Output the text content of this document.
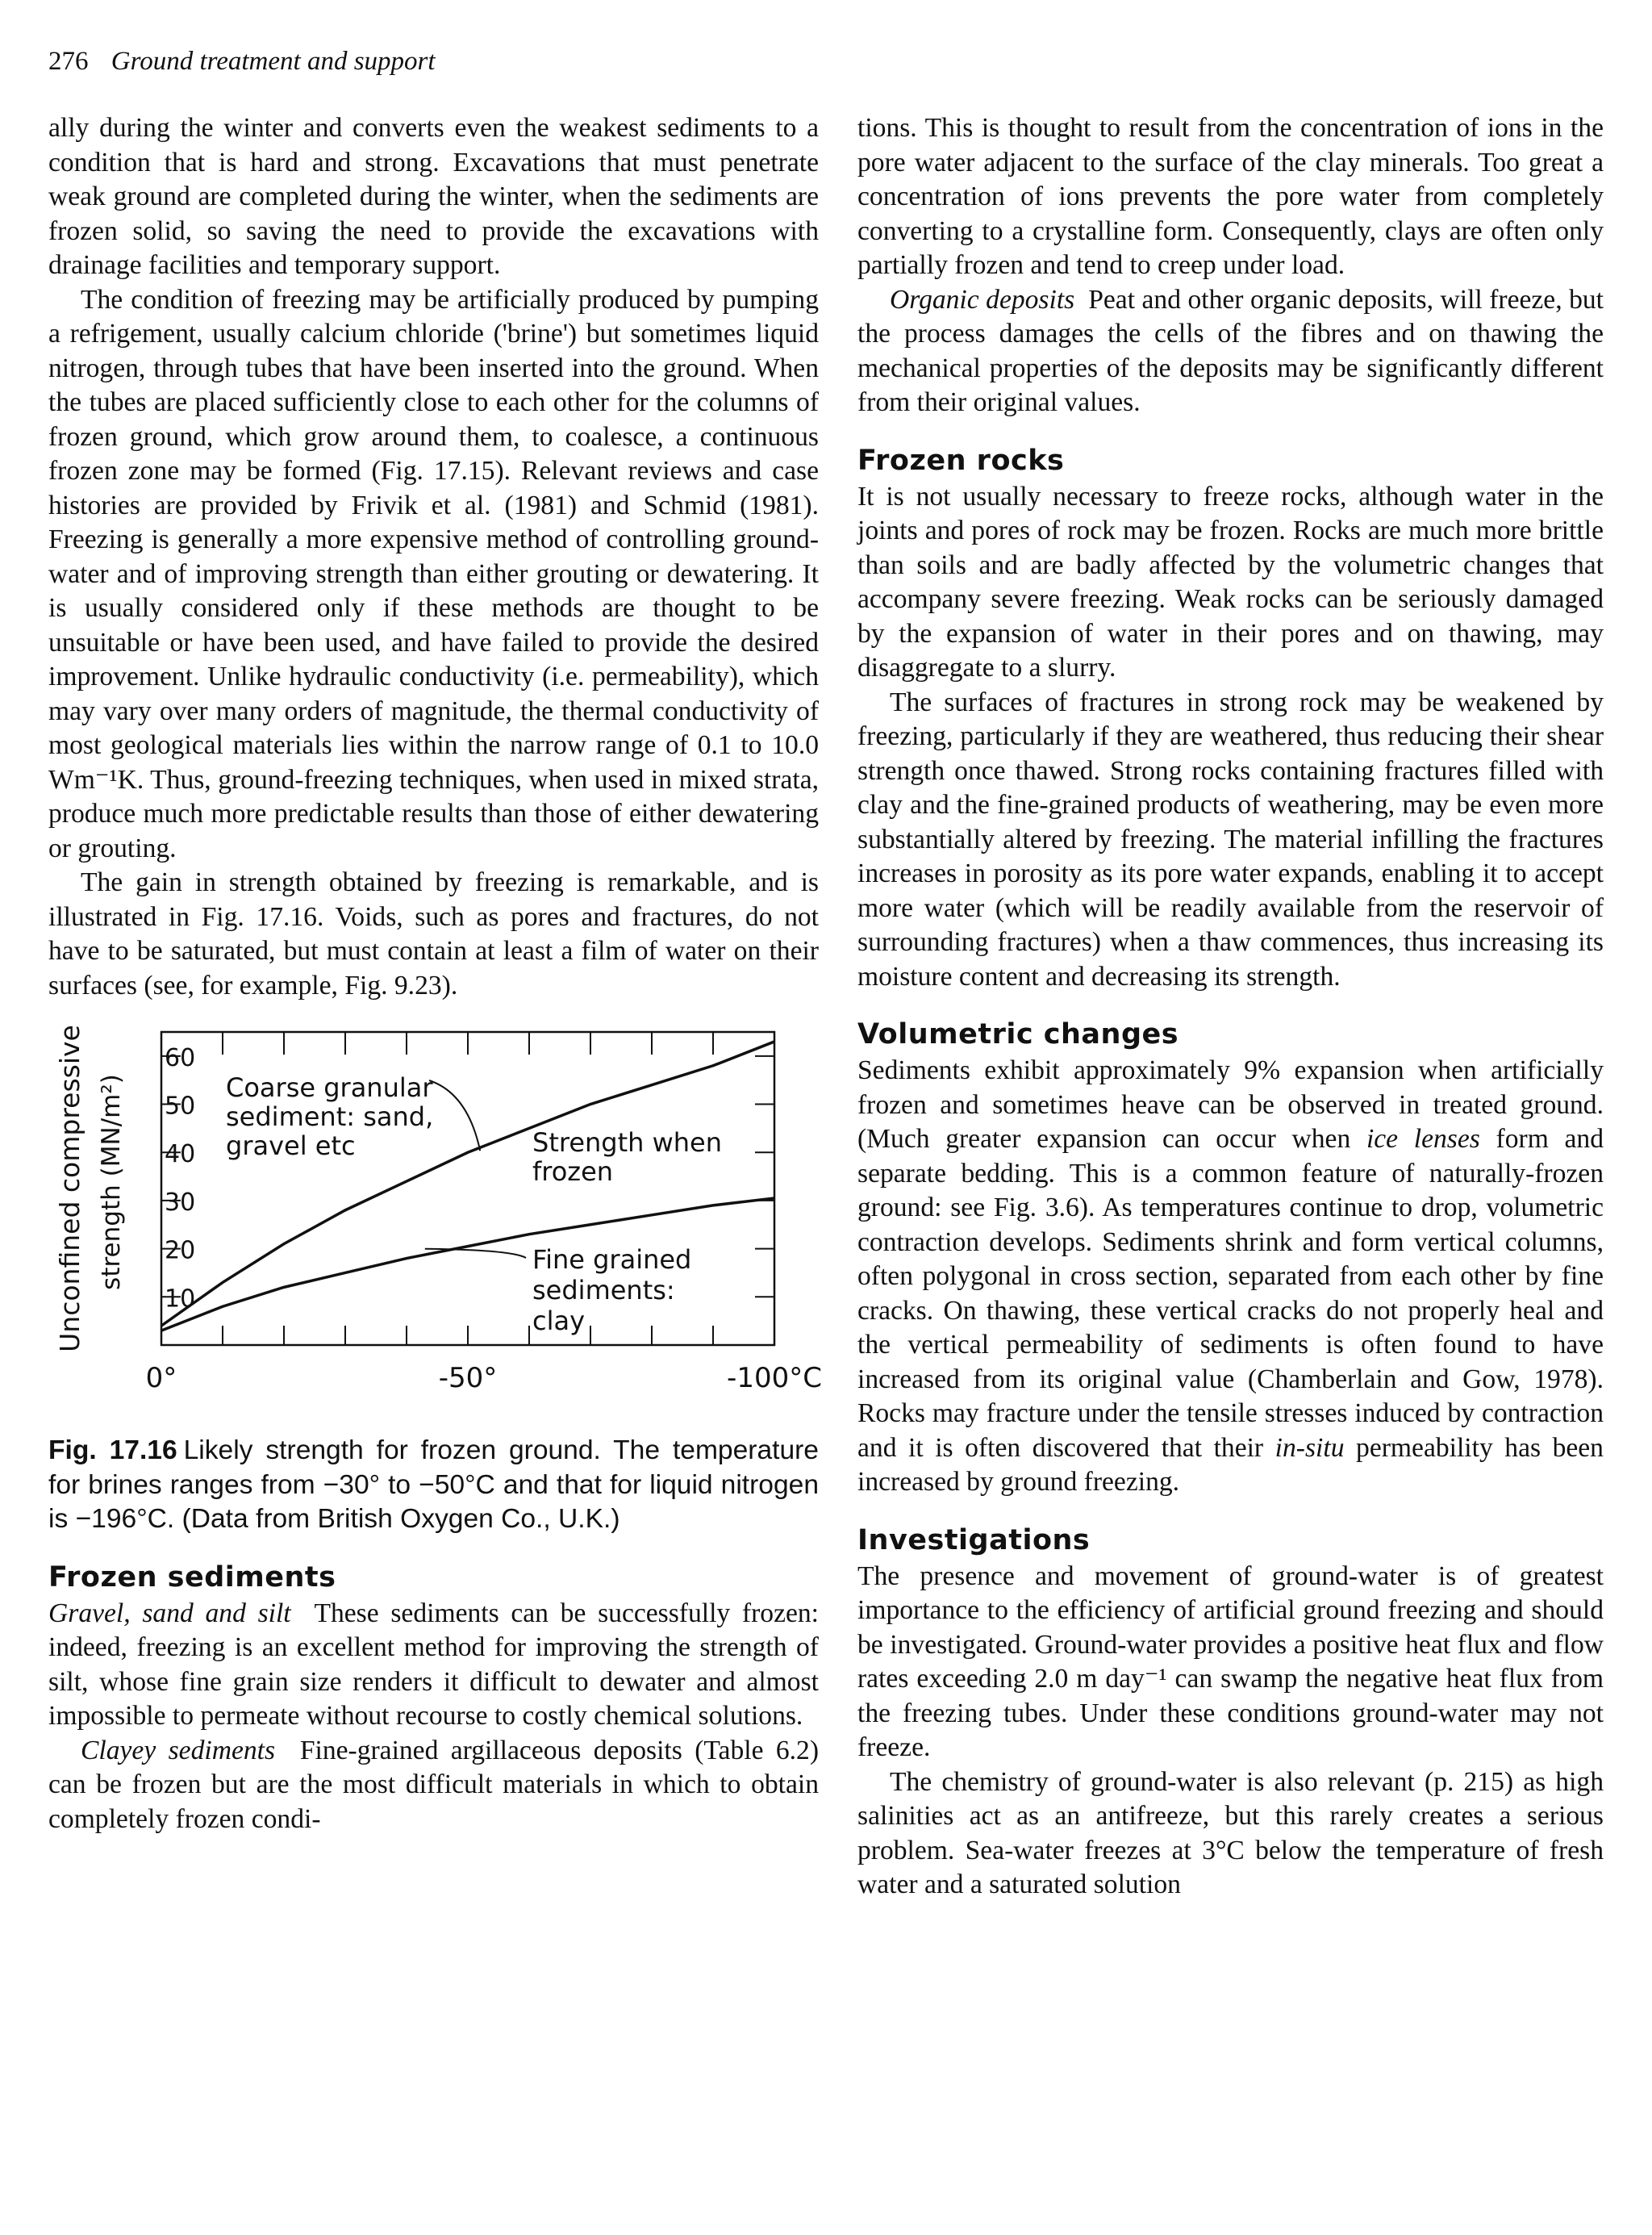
276 Ground treatment and support

ally during the winter and converts even the weakest sediments to a condition that is hard and strong. Excavations that must penetrate weak ground are completed during the winter, when the sediments are frozen solid, so saving the need to provide the excavations with drainage facilities and temporary support.

The condition of freezing may be artificially produced by pumping a refrigement, usually calcium chloride ('brine') but sometimes liquid nitrogen, through tubes that have been inserted into the ground. When the tubes are placed sufficiently close to each other for the columns of frozen ground, which grow around them, to coalesce, a continuous frozen zone may be formed (Fig. 17.15). Relevant reviews and case histories are provided by Frivik et al. (1981) and Schmid (1981). Freezing is generally a more expensive method of controlling ground-water and of improving strength than either grouting or dewatering. It is usually considered only if these methods are thought to be unsuitable or have been used, and have failed to provide the desired improvement. Unlike hydraulic conductivity (i.e. permeability), which may vary over many orders of magnitude, the thermal conductivity of most geological materials lies within the narrow range of 0.1 to 10.0 Wm⁻¹K. Thus, ground-freezing techniques, when used in mixed strata, produce much more predictable results than those of either dewatering or grouting.

The gain in strength obtained by freezing is remarkable, and is illustrated in Fig. 17.16. Voids, such as pores and fractures, do not have to be saturated, but must contain at least a film of water on their surfaces (see, for example, Fig. 9.23).

10
20
30
40
50
60
0°	-50°	-100°C
Unconfined compressive strength (MN/m²)	Coarse granular
sediment: sand,
gravel etc	Strength when
frozen
Fine grained
sediments:
clay

Fig. 17.16 Likely strength for frozen ground. The temperature for brines ranges from −30° to −50°C and that for liquid nitrogen is −196°C. (Data from British Oxygen Co., U.K.)

Frozen sediments

Gravel, sand and silt These sediments can be successfully frozen: indeed, freezing is an excellent method for improving the strength of silt, whose fine grain size renders it difficult to dewater and almost impossible to permeate without recourse to costly chemical solutions.

Clayey sediments Fine-grained argillaceous deposits (Table 6.2) can be frozen but are the most difficult materials in which to obtain completely frozen condi-

tions. This is thought to result from the concentration of ions in the pore water adjacent to the surface of the clay minerals. Too great a concentration of ions prevents the pore water from completely converting to a crystalline form. Consequently, clays are often only partially frozen and tend to creep under load.

Organic deposits Peat and other organic deposits, will freeze, but the process damages the cells of the fibres and on thawing the mechanical properties of the deposits may be significantly different from their original values.

Frozen rocks

It is not usually necessary to freeze rocks, although water in the joints and pores of rock may be frozen. Rocks are much more brittle than soils and are badly affected by the volumetric changes that accompany severe freezing. Weak rocks can be seriously damaged by the expansion of water in their pores and on thawing, may disaggregate to a slurry.

The surfaces of fractures in strong rock may be weakened by freezing, particularly if they are weathered, thus reducing their shear strength once thawed. Strong rocks containing fractures filled with clay and the fine-grained products of weathering, may be even more substantially altered by freezing. The material infilling the fractures increases in porosity as its pore water expands, enabling it to accept more water (which will be readily available from the reservoir of surrounding fractures) when a thaw commences, thus increasing its moisture content and decreasing its strength.

Volumetric changes

Sediments exhibit approximately 9% expansion when artificially frozen and sometimes heave can be observed in treated ground. (Much greater expansion can occur when ice lenses form and separate bedding. This is a common feature of naturally-frozen ground: see Fig. 3.6). As temperatures continue to drop, volumetric contraction develops. Sediments shrink and form vertical columns, often polygonal in cross section, separated from each other by fine cracks. On thawing, these vertical cracks do not properly heal and the vertical permeability of sediments is often found to have increased from its original value (Chamberlain and Gow, 1978). Rocks may fracture under the tensile stresses induced by contraction and it is often discovered that their in-situ permeability has been increased by ground freezing.

Investigations

The presence and movement of ground-water is of greatest importance to the efficiency of artificial ground freezing and should be investigated. Ground-water provides a positive heat flux and flow rates exceeding 2.0 m day⁻¹ can swamp the negative heat flux from the freezing tubes. Under these conditions ground-water may not freeze.

The chemistry of ground-water is also relevant (p. 215) as high salinities act as an antifreeze, but this rarely creates a serious problem. Sea-water freezes at 3°C below the temperature of fresh water and a saturated solution
